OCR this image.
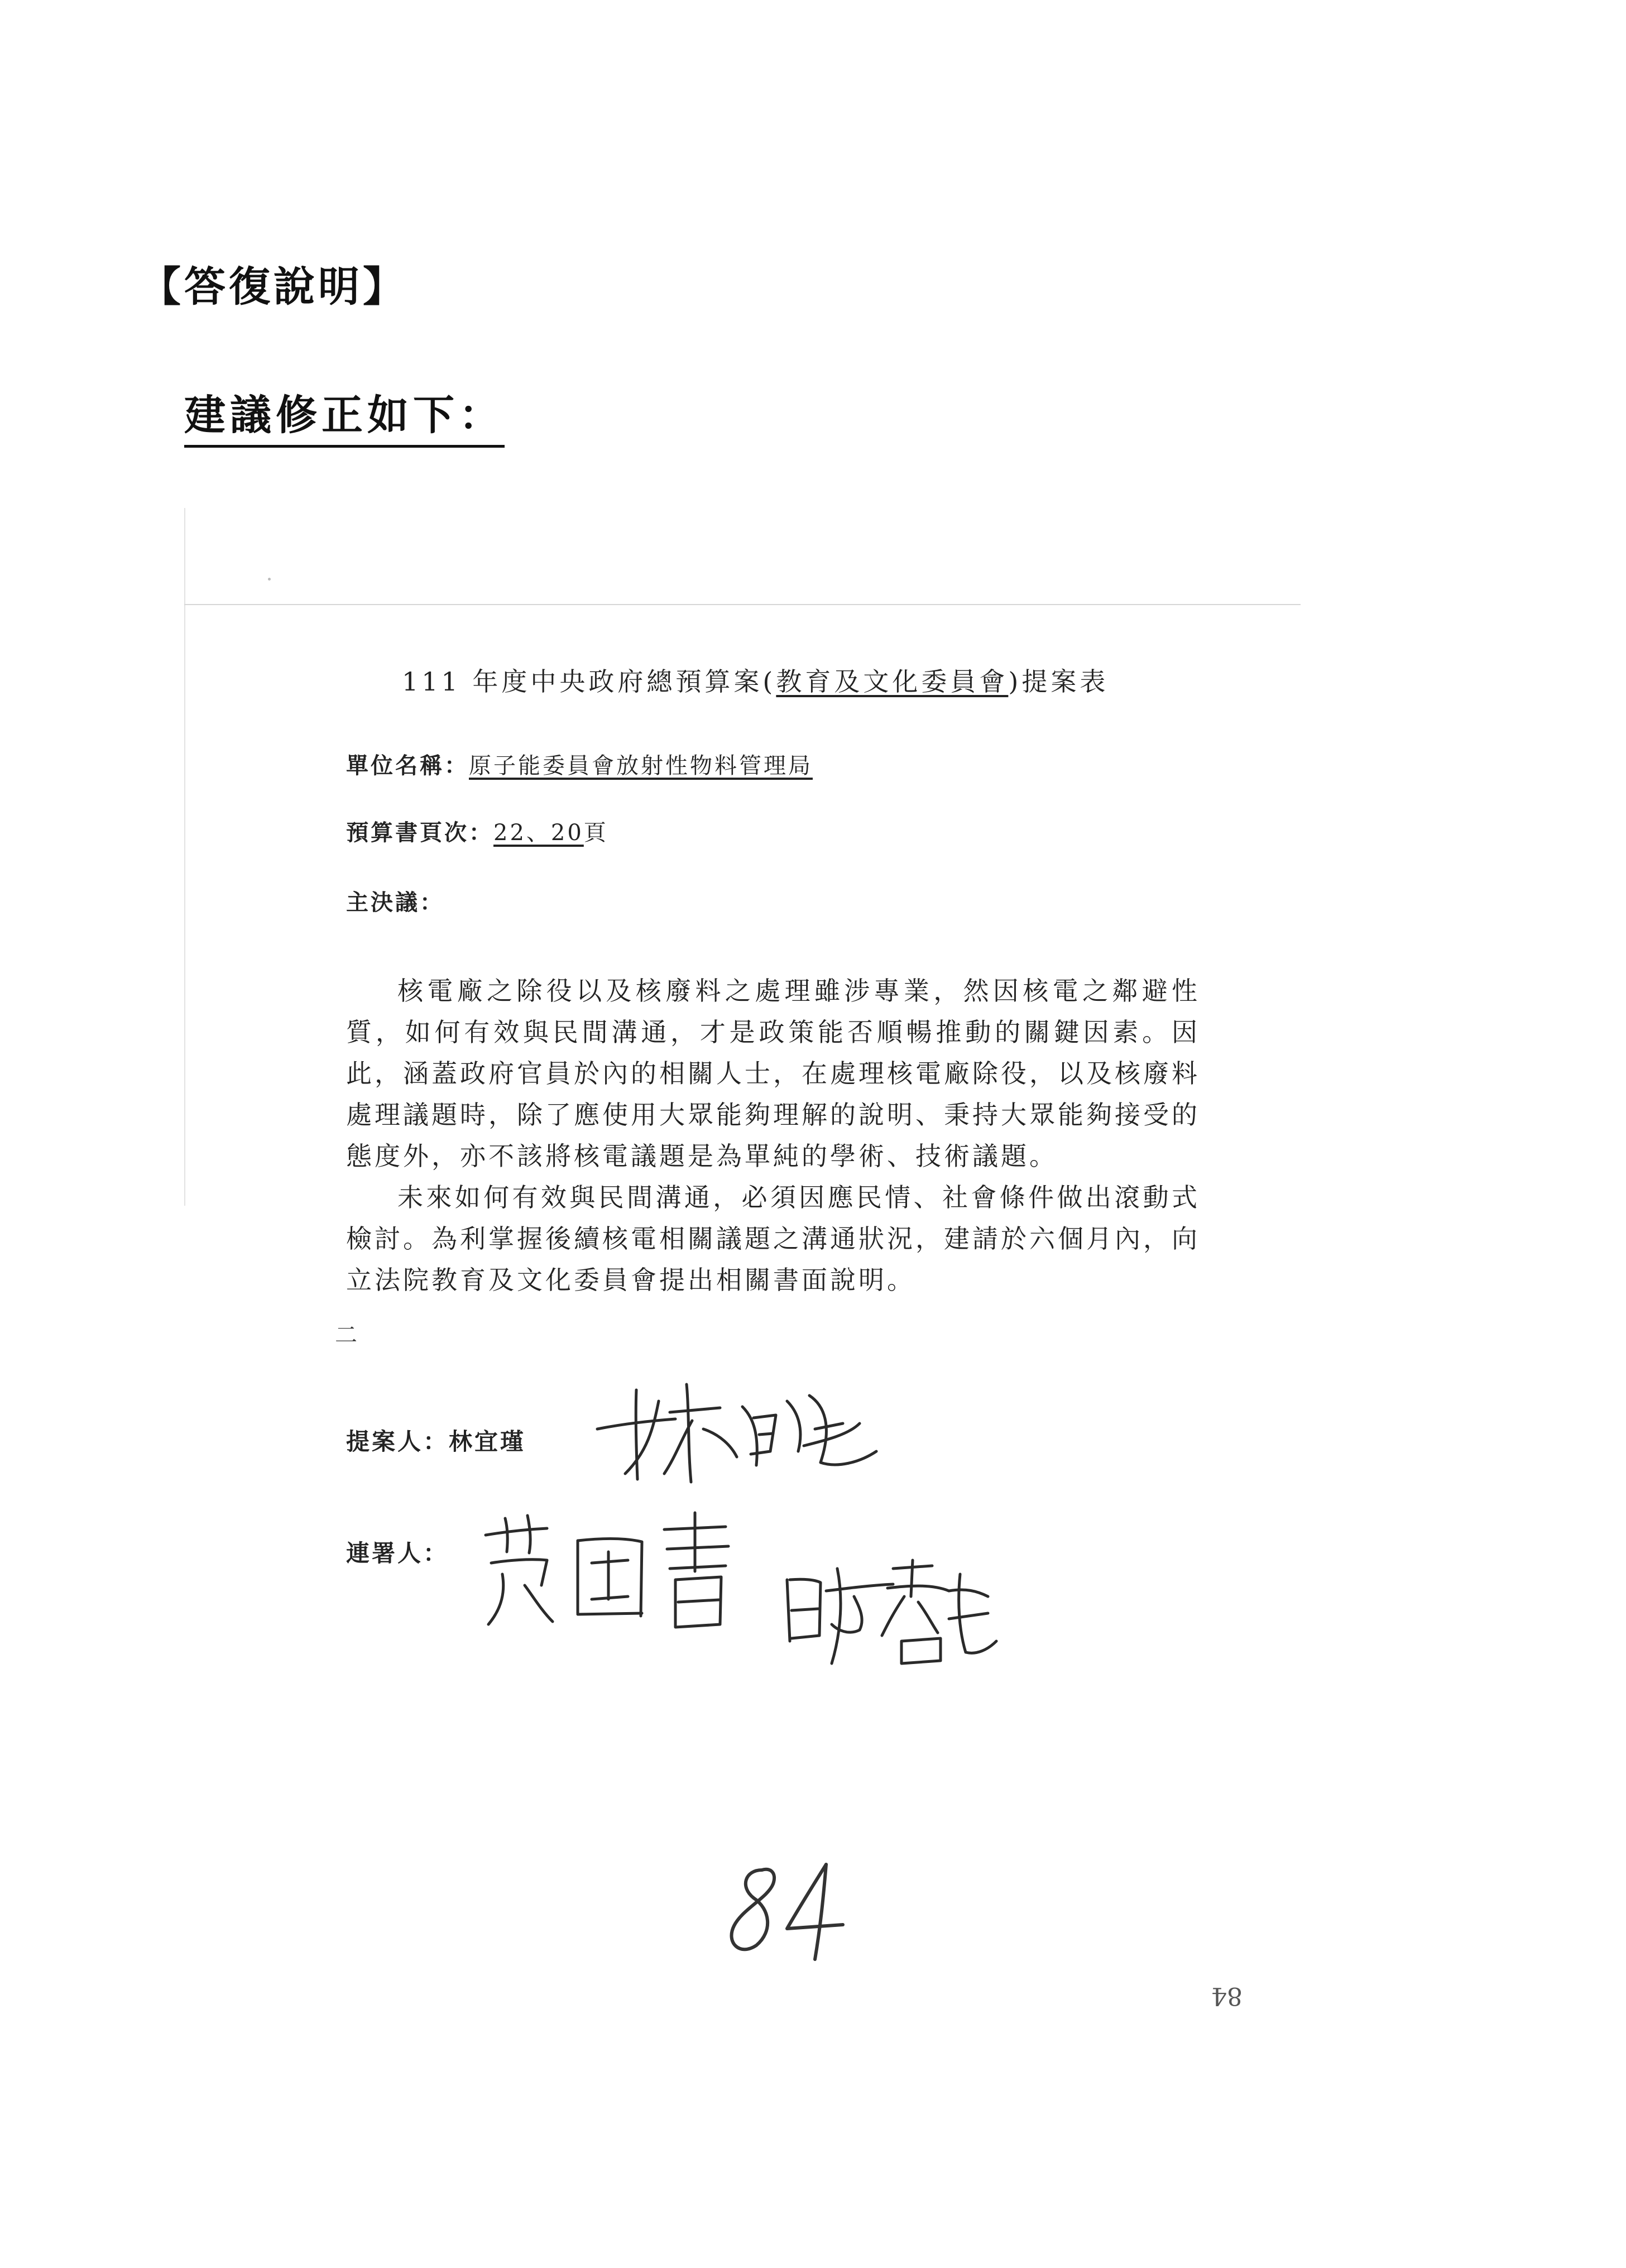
【答復說明】
建議修正如下：
111 年度中央政府總預算案(教育及文化委員會)提案表
單位名稱：原子能委員會放射性物料管理局
預算書頁次：22、20頁
主決議：

核電廠之除役以及核廢料之處理雖涉專業，然因核電之鄰避性質，如何有效與民間溝通，才是政策能否順暢推動的關鍵因素。因此，涵蓋政府官員於內的相關人士，在處理核電廠除役，以及核廢料處理議題時，除了應使用大眾能夠理解的說明、秉持大眾能夠接受的態度外，亦不該將核電議題是為單純的學術、技術議題。

未來如何有效與民間溝通，必須因應民情、社會條件做出滾動式檢討。為利掌握後續核電相關議題之溝通狀況，建請於六個月內，向立法院教育及文化委員會提出相關書面說明。

二
提案人：林宜瑾
連署人：
84
